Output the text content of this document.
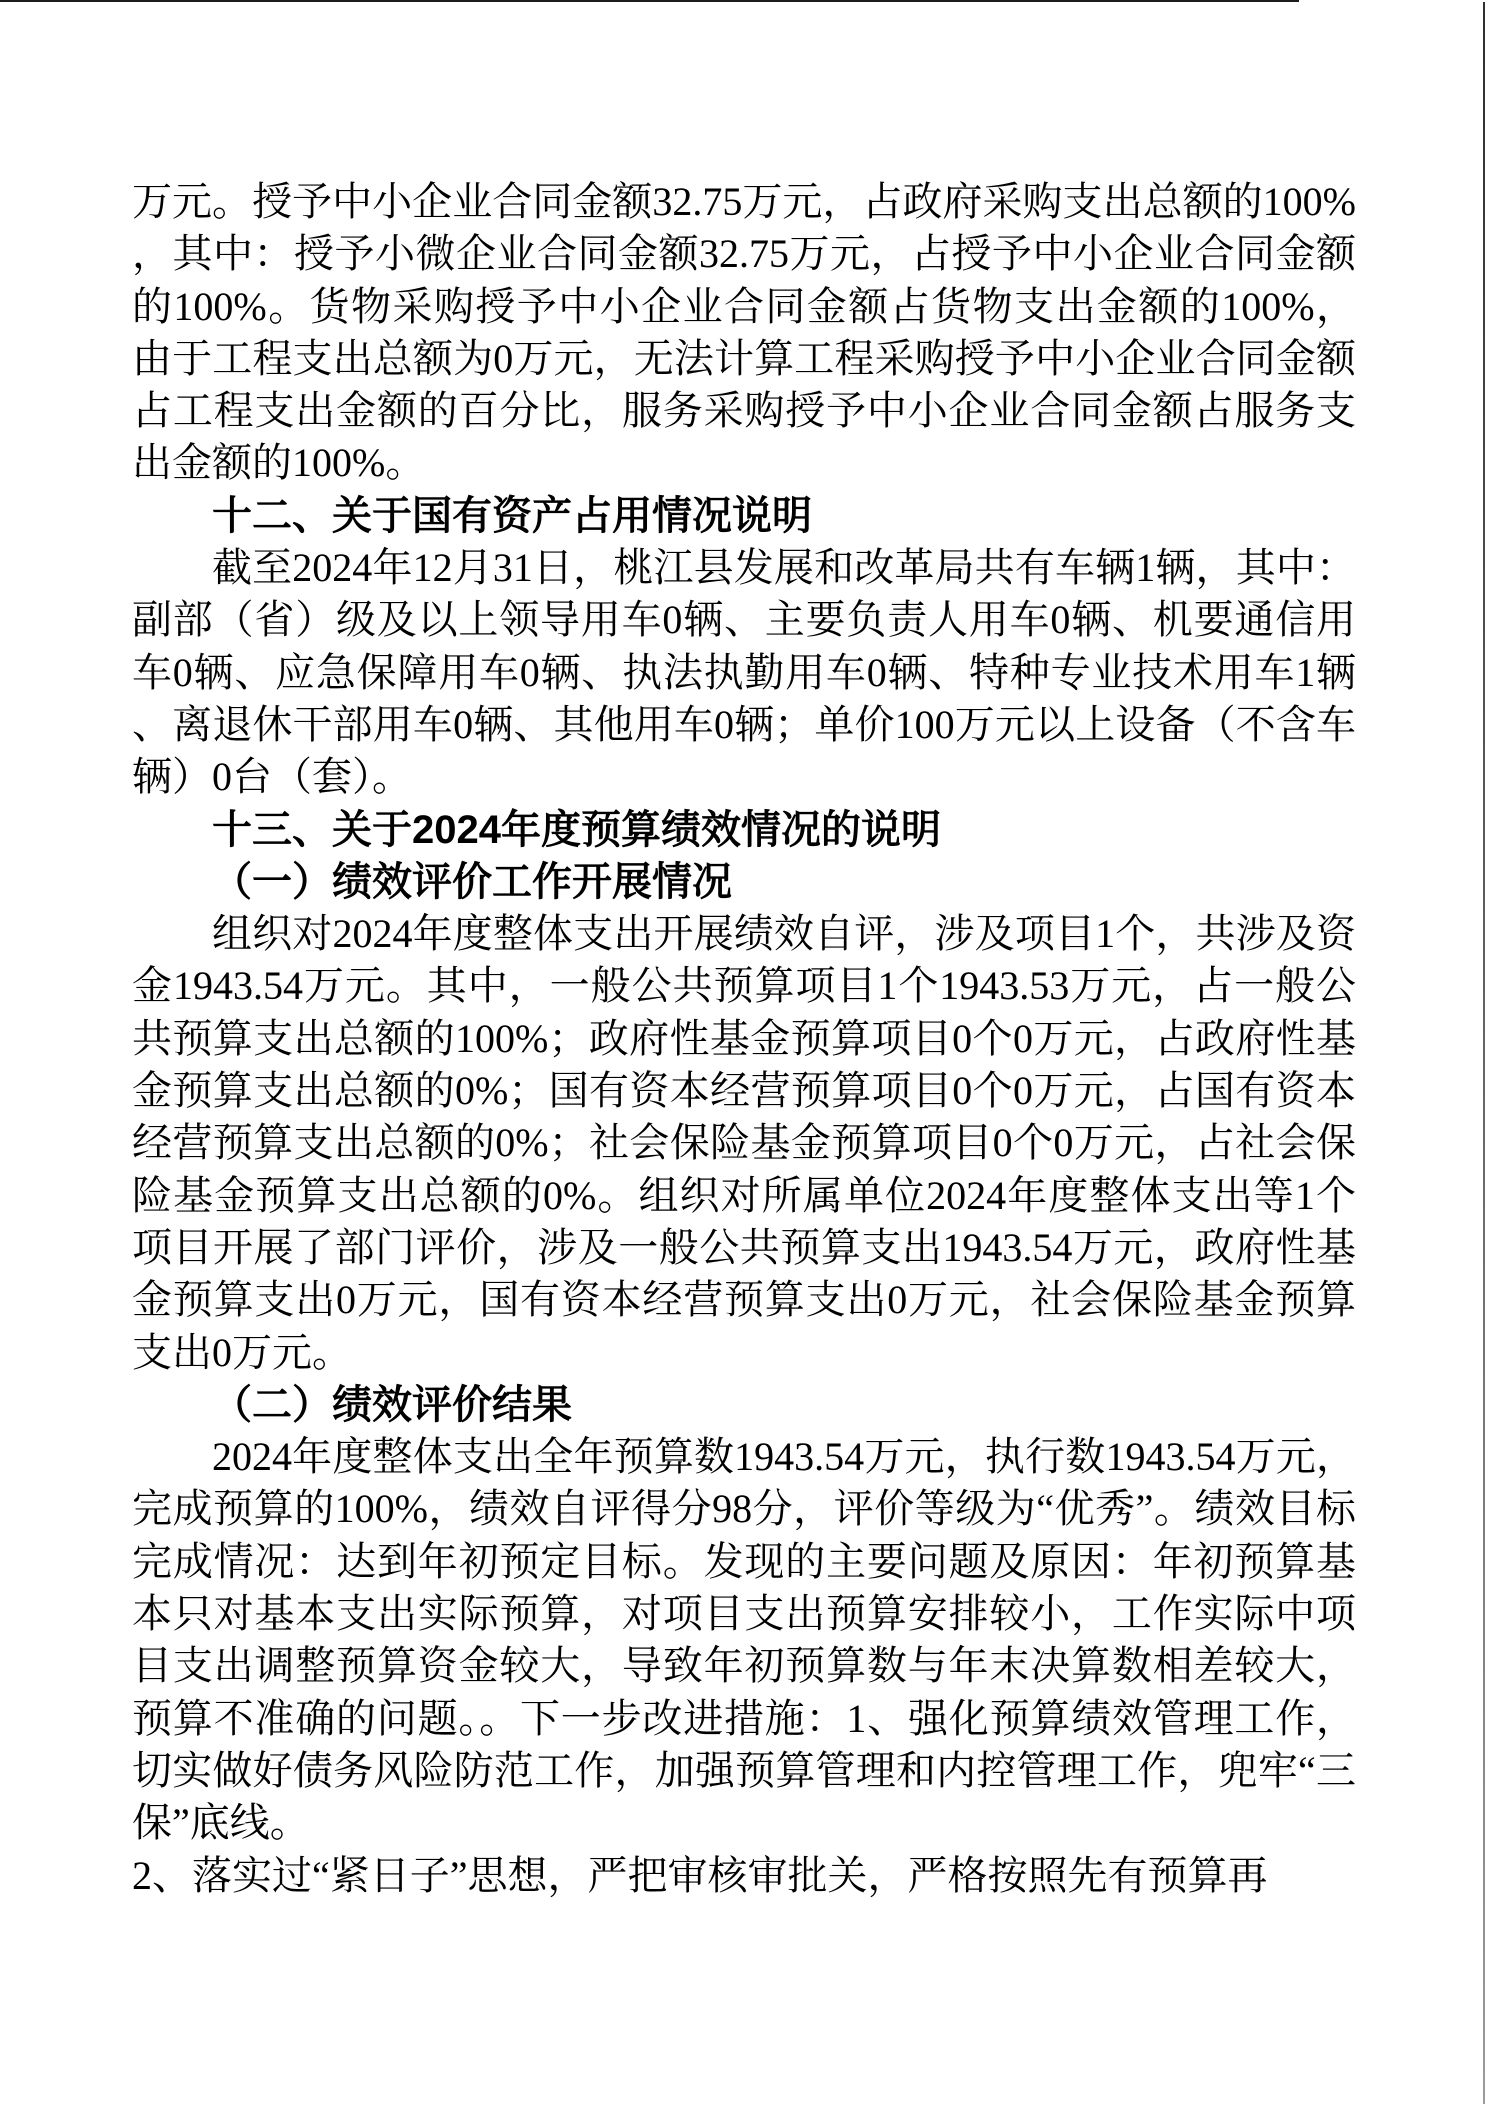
万元。授予中小企业合同金额32.75万元，占政府采购支出总额的100%，其中：授予小微企业合同金额32.75万元，占授予中小企业合同金额的100%。货物采购授予中小企业合同金额占货物支出金额的100%，由于工程支出总额为0万元，无法计算工程采购授予中小企业合同金额占工程支出金额的百分比，服务采购授予中小企业合同金额占服务支出金额的100%。

十二、关于国有资产占用情况说明

截至2024年12月31日，桃江县发展和改革局共有车辆1辆，其中：副部（省）级及以上领导用车0辆、主要负责人用车0辆、机要通信用车0辆、应急保障用车0辆、执法执勤用车0辆、特种专业技术用车1辆、离退休干部用车0辆、其他用车0辆；单价100万元以上设备（不含车辆）0台（套）。

十三、关于2024年度预算绩效情况的说明

（一）绩效评价工作开展情况

组织对2024年度整体支出开展绩效自评，涉及项目1个，共涉及资金1943.54万元。其中，一般公共预算项目1个1943.53万元，占一般公共预算支出总额的100%；政府性基金预算项目0个0万元，占政府性基金预算支出总额的0%；国有资本经营预算项目0个0万元，占国有资本经营预算支出总额的0%；社会保险基金预算项目0个0万元，占社会保险基金预算支出总额的0%。组织对所属单位2024年度整体支出等1个项目开展了部门评价，涉及一般公共预算支出1943.54万元，政府性基金预算支出0万元，国有资本经营预算支出0万元，社会保险基金预算支出0万元。

（二）绩效评价结果

2024年度整体支出全年预算数1943.54万元，执行数1943.54万元，完成预算的100%，绩效自评得分98分，评价等级为“优秀”。绩效目标完成情况：达到年初预定目标。发现的主要问题及原因：年初预算基本只对基本支出实际预算，对项目支出预算安排较小，工作实际中项目支出调整预算资金较大，导致年初预算数与年末决算数相差较大，预算不准确的问题。。下一步改进措施：1、强化预算绩效管理工作，切实做好债务风险防范工作，加强预算管理和内控管理工作，兜牢“三保”底线。

2、落实过“紧日子”思想，严把审核审批关，严格按照先有预算再
